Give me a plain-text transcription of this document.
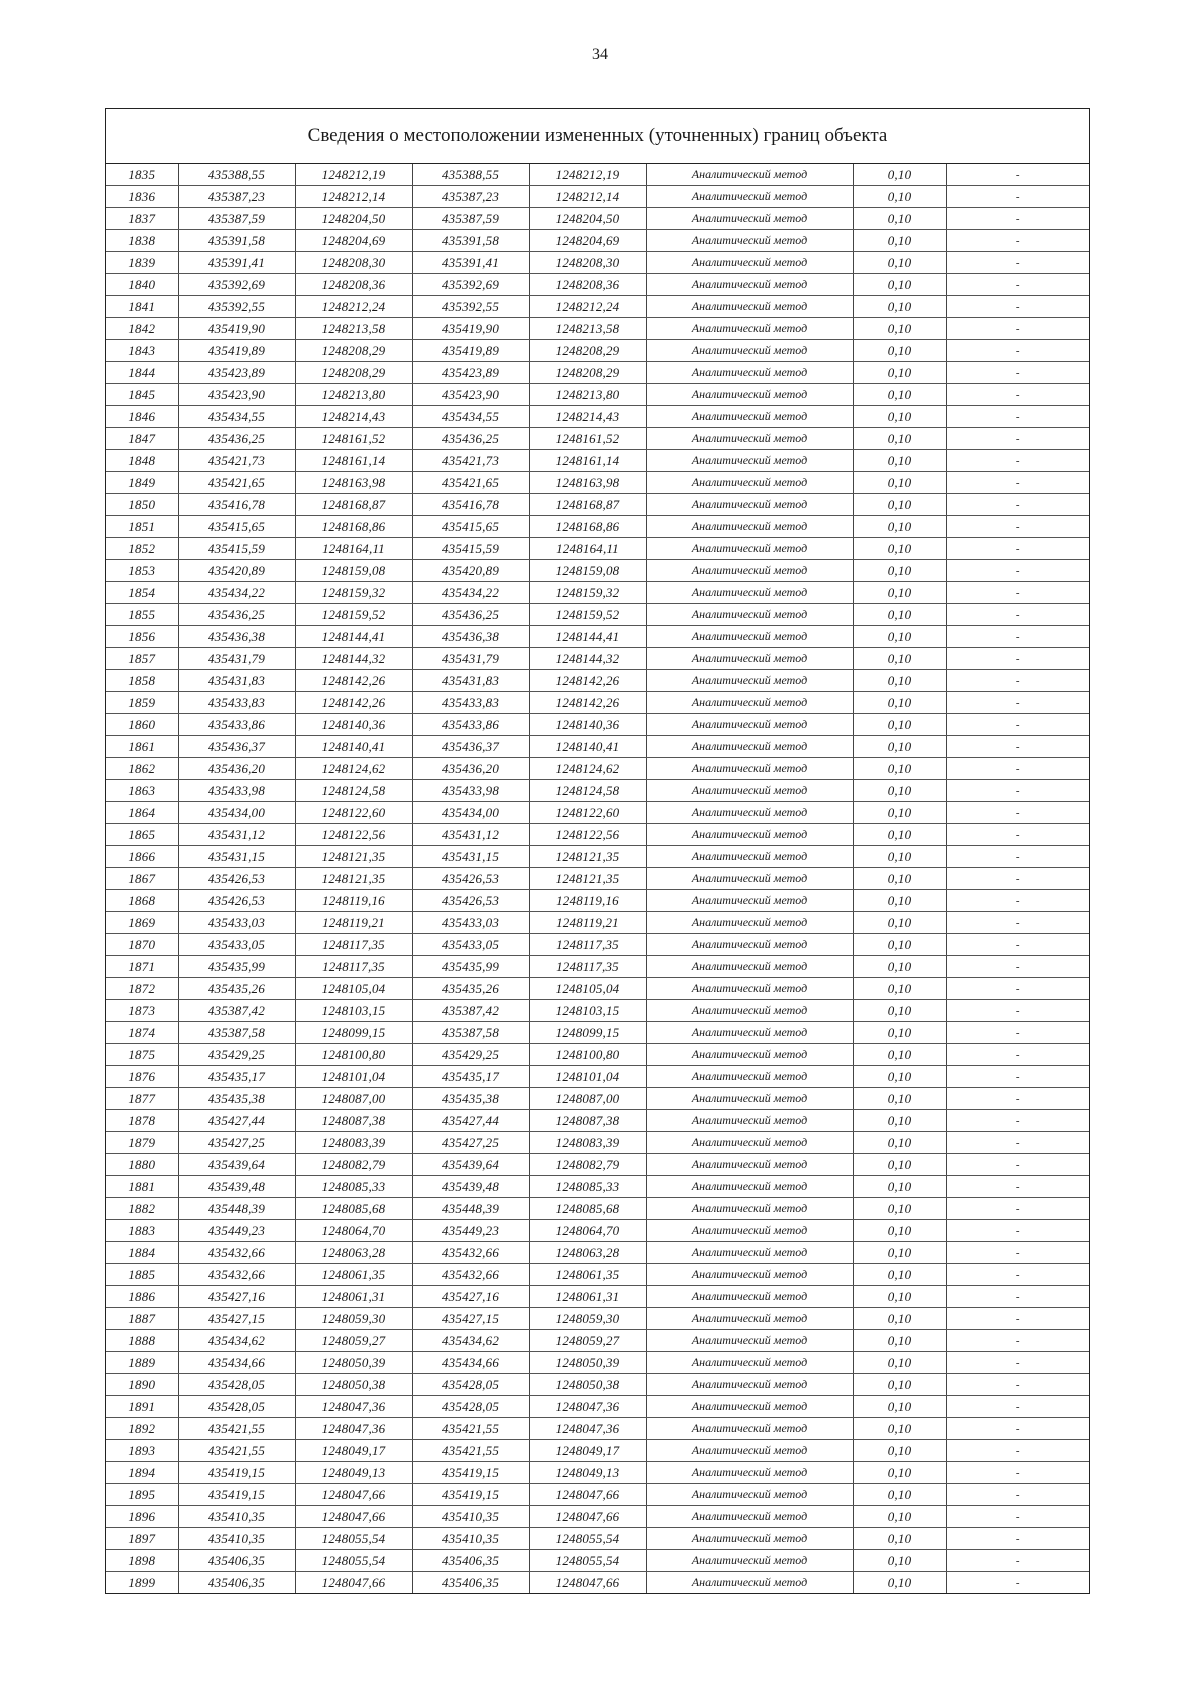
34
Сведения о местоположении измененных (уточненных) границ объекта
1835	435388,55	1248212,19	435388,55	1248212,19	Аналитический метод	0,10	-
1836	435387,23	1248212,14	435387,23	1248212,14	Аналитический метод	0,10	-
1837	435387,59	1248204,50	435387,59	1248204,50	Аналитический метод	0,10	-
1838	435391,58	1248204,69	435391,58	1248204,69	Аналитический метод	0,10	-
1839	435391,41	1248208,30	435391,41	1248208,30	Аналитический метод	0,10	-
1840	435392,69	1248208,36	435392,69	1248208,36	Аналитический метод	0,10	-
1841	435392,55	1248212,24	435392,55	1248212,24	Аналитический метод	0,10	-
1842	435419,90	1248213,58	435419,90	1248213,58	Аналитический метод	0,10	-
1843	435419,89	1248208,29	435419,89	1248208,29	Аналитический метод	0,10	-
1844	435423,89	1248208,29	435423,89	1248208,29	Аналитический метод	0,10	-
1845	435423,90	1248213,80	435423,90	1248213,80	Аналитический метод	0,10	-
1846	435434,55	1248214,43	435434,55	1248214,43	Аналитический метод	0,10	-
1847	435436,25	1248161,52	435436,25	1248161,52	Аналитический метод	0,10	-
1848	435421,73	1248161,14	435421,73	1248161,14	Аналитический метод	0,10	-
1849	435421,65	1248163,98	435421,65	1248163,98	Аналитический метод	0,10	-
1850	435416,78	1248168,87	435416,78	1248168,87	Аналитический метод	0,10	-
1851	435415,65	1248168,86	435415,65	1248168,86	Аналитический метод	0,10	-
1852	435415,59	1248164,11	435415,59	1248164,11	Аналитический метод	0,10	-
1853	435420,89	1248159,08	435420,89	1248159,08	Аналитический метод	0,10	-
1854	435434,22	1248159,32	435434,22	1248159,32	Аналитический метод	0,10	-
1855	435436,25	1248159,52	435436,25	1248159,52	Аналитический метод	0,10	-
1856	435436,38	1248144,41	435436,38	1248144,41	Аналитический метод	0,10	-
1857	435431,79	1248144,32	435431,79	1248144,32	Аналитический метод	0,10	-
1858	435431,83	1248142,26	435431,83	1248142,26	Аналитический метод	0,10	-
1859	435433,83	1248142,26	435433,83	1248142,26	Аналитический метод	0,10	-
1860	435433,86	1248140,36	435433,86	1248140,36	Аналитический метод	0,10	-
1861	435436,37	1248140,41	435436,37	1248140,41	Аналитический метод	0,10	-
1862	435436,20	1248124,62	435436,20	1248124,62	Аналитический метод	0,10	-
1863	435433,98	1248124,58	435433,98	1248124,58	Аналитический метод	0,10	-
1864	435434,00	1248122,60	435434,00	1248122,60	Аналитический метод	0,10	-
1865	435431,12	1248122,56	435431,12	1248122,56	Аналитический метод	0,10	-
1866	435431,15	1248121,35	435431,15	1248121,35	Аналитический метод	0,10	-
1867	435426,53	1248121,35	435426,53	1248121,35	Аналитический метод	0,10	-
1868	435426,53	1248119,16	435426,53	1248119,16	Аналитический метод	0,10	-
1869	435433,03	1248119,21	435433,03	1248119,21	Аналитический метод	0,10	-
1870	435433,05	1248117,35	435433,05	1248117,35	Аналитический метод	0,10	-
1871	435435,99	1248117,35	435435,99	1248117,35	Аналитический метод	0,10	-
1872	435435,26	1248105,04	435435,26	1248105,04	Аналитический метод	0,10	-
1873	435387,42	1248103,15	435387,42	1248103,15	Аналитический метод	0,10	-
1874	435387,58	1248099,15	435387,58	1248099,15	Аналитический метод	0,10	-
1875	435429,25	1248100,80	435429,25	1248100,80	Аналитический метод	0,10	-
1876	435435,17	1248101,04	435435,17	1248101,04	Аналитический метод	0,10	-
1877	435435,38	1248087,00	435435,38	1248087,00	Аналитический метод	0,10	-
1878	435427,44	1248087,38	435427,44	1248087,38	Аналитический метод	0,10	-
1879	435427,25	1248083,39	435427,25	1248083,39	Аналитический метод	0,10	-
1880	435439,64	1248082,79	435439,64	1248082,79	Аналитический метод	0,10	-
1881	435439,48	1248085,33	435439,48	1248085,33	Аналитический метод	0,10	-
1882	435448,39	1248085,68	435448,39	1248085,68	Аналитический метод	0,10	-
1883	435449,23	1248064,70	435449,23	1248064,70	Аналитический метод	0,10	-
1884	435432,66	1248063,28	435432,66	1248063,28	Аналитический метод	0,10	-
1885	435432,66	1248061,35	435432,66	1248061,35	Аналитический метод	0,10	-
1886	435427,16	1248061,31	435427,16	1248061,31	Аналитический метод	0,10	-
1887	435427,15	1248059,30	435427,15	1248059,30	Аналитический метод	0,10	-
1888	435434,62	1248059,27	435434,62	1248059,27	Аналитический метод	0,10	-
1889	435434,66	1248050,39	435434,66	1248050,39	Аналитический метод	0,10	-
1890	435428,05	1248050,38	435428,05	1248050,38	Аналитический метод	0,10	-
1891	435428,05	1248047,36	435428,05	1248047,36	Аналитический метод	0,10	-
1892	435421,55	1248047,36	435421,55	1248047,36	Аналитический метод	0,10	-
1893	435421,55	1248049,17	435421,55	1248049,17	Аналитический метод	0,10	-
1894	435419,15	1248049,13	435419,15	1248049,13	Аналитический метод	0,10	-
1895	435419,15	1248047,66	435419,15	1248047,66	Аналитический метод	0,10	-
1896	435410,35	1248047,66	435410,35	1248047,66	Аналитический метод	0,10	-
1897	435410,35	1248055,54	435410,35	1248055,54	Аналитический метод	0,10	-
1898	435406,35	1248055,54	435406,35	1248055,54	Аналитический метод	0,10	-
1899	435406,35	1248047,66	435406,35	1248047,66	Аналитический метод	0,10	-
